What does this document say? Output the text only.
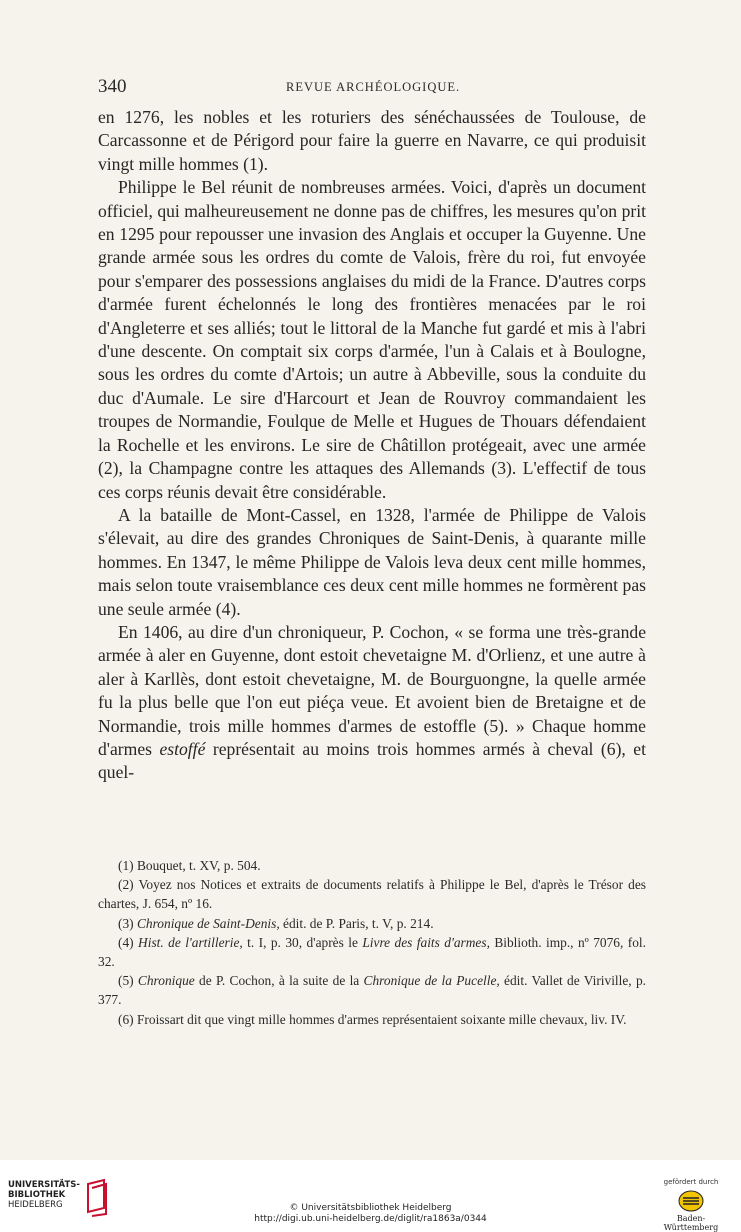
340	REVUE ARCHÉOLOGIQUE.

en 1276, les nobles et les roturiers des sénéchaussées de Toulouse, de Carcassonne et de Périgord pour faire la guerre en Navarre, ce qui produisit vingt mille hommes (1).

Philippe le Bel réunit de nombreuses armées. Voici, d'après un document officiel, qui malheureusement ne donne pas de chiffres, les mesures qu'on prit en 1295 pour repousser une invasion des Anglais et occuper la Guyenne. Une grande armée sous les ordres du comte de Valois, frère du roi, fut envoyée pour s'emparer des possessions anglaises du midi de la France. D'autres corps d'armée furent échelonnés le long des frontières menacées par le roi d'Angleterre et ses alliés; tout le littoral de la Manche fut gardé et mis à l'abri d'une descente. On comptait six corps d'armée, l'un à Calais et à Boulogne, sous les ordres du comte d'Artois; un autre à Abbeville, sous la conduite du duc d'Aumale. Le sire d'Harcourt et Jean de Rouvroy commandaient les troupes de Normandie, Foulque de Melle et Hugues de Thouars défendaient la Rochelle et les environs. Le sire de Châtillon protégeait, avec une armée (2), la Champagne contre les attaques des Allemands (3). L'effectif de tous ces corps réunis devait être considérable.

A la bataille de Mont-Cassel, en 1328, l'armée de Philippe de Valois s'élevait, au dire des grandes Chroniques de Saint-Denis, à quarante mille hommes. En 1347, le même Philippe de Valois leva deux cent mille hommes, mais selon toute vraisemblance ces deux cent mille hommes ne formèrent pas une seule armée (4).

En 1406, au dire d'un chroniqueur, P. Cochon, « se forma une très-grande armée à aler en Guyenne, dont estoit chevetaigne M. d'Orlienz, et une autre à aler à Karllès, dont estoit chevetaigne, M. de Bourguongne, la quelle armée fu la plus belle que l'on eut piéça veue. Et avoient bien de Bretaigne et de Normandie, trois mille hommes d'armes de estoffle (5). » Chaque homme d'armes estoffé représentait au moins trois hommes armés à cheval (6), et quel-

(1) Bouquet, t. XV, p. 504.

(2) Voyez nos Notices et extraits de documents relatifs à Philippe le Bel, d'après le Trésor des chartes, J. 654, nº 16.

(3) Chronique de Saint-Denis, édit. de P. Paris, t. V, p. 214.

(4) Hist. de l'artillerie, t. I, p. 30, d'après le Livre des faits d'armes, Biblioth. imp., nº 7076, fol. 32.

(5) Chronique de P. Cochon, à la suite de la Chronique de la Pucelle, édit. Vallet de Viriville, p. 377.

(6) Froissart dit que vingt mille hommes d'armes représentaient soixante mille chevaux, liv. IV.

UNIVERSITÄTS-
BIBLIOTHEK
HEIDELBERG	© Universitätsbibliothek Heidelberg
http://digi.ub.uni-heidelberg.de/diglit/ra1863a/0344
gefördert durch
Baden-Württemberg
